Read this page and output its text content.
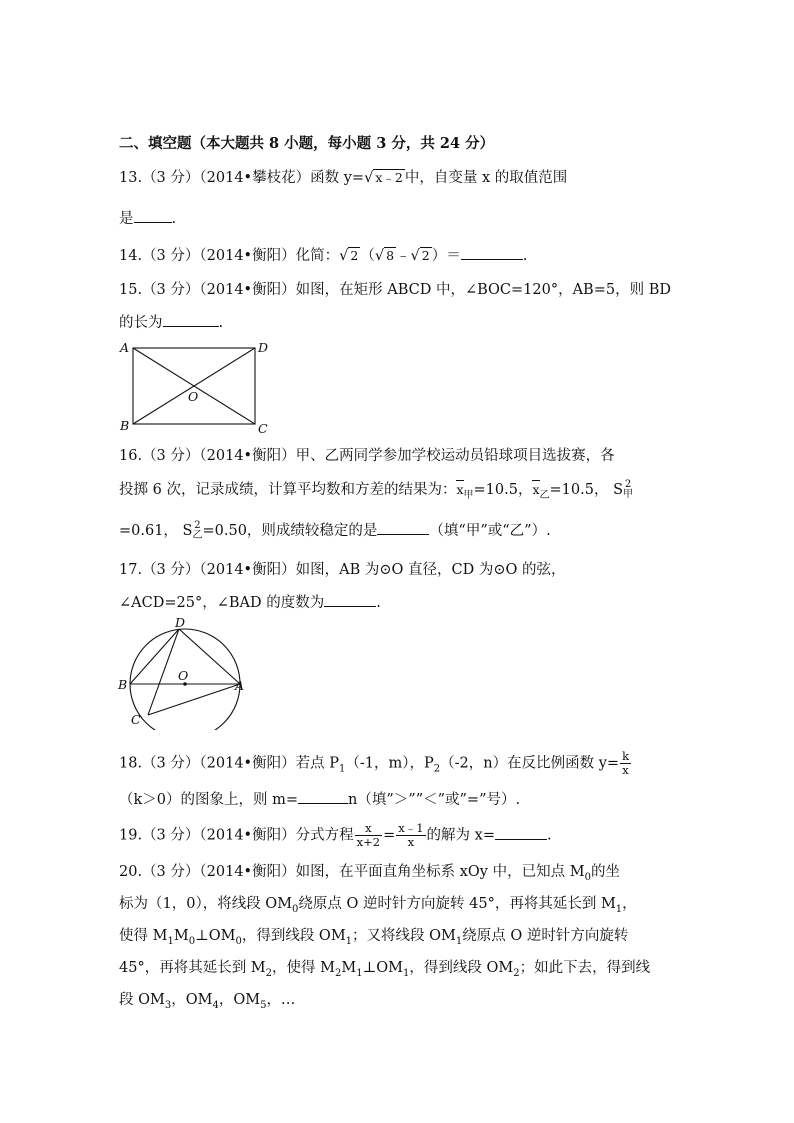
二、填空题（本大题共 8 小题，每小题 3 分，共 24 分）
13.（3 分）（2014•攀枝花）函数 y=√ x﹣2 中，自变量 x 的取值范围
是	.
14.（3 分）（2014•衡阳）化简：√ 2 （√ 8 ﹣√ 2 ）＝	.
15.（3 分）（2014•衡阳）如图，在矩形 ABCD 中，∠BOC=120°，AB=5，则 BD
的长为	.
A	D
B	C
O
16.（3 分）（2014•衡阳）甲、乙两同学参加学校运动员铅球项目选拔赛，各
投掷 6 次，记录成绩，计算平均数和方差的结果为：$x_甲=10.5$，$x_乙=10.5$， S 2
甲
=0.61， S 2
乙 =0.50，则成绩较稳定的是	（填“甲”或“乙”）.
17.（3 分）（2014•衡阳）如图，AB 为⊙O 直径，CD 为⊙O 的弦，
∠ACD=25°，∠BAD 的度数为	.
D
B	A
C
O
18.（3 分）（2014•衡阳）若点 $P_1(-1$，m），$P_2(-2$，n）在反比例函数 $y= \frac{k}{x}$
（k＞0）的图象上，则 m=	n（填”＞””＜”或”=”号）.
19.（3 分）（2014•衡阳）分式方程 $\frac{x}{x+2} = \frac{x﹣1}{x}$ 的解为 x=	.
20.（3 分）（2014•衡阳）如图，在平面直角坐标系 xOy 中，已知点 $M_0$的坐
标为（1，0），将线段 $OM_0$绕原点 O 逆时针方向旋转 45°，再将其延长到 $M_1$，
使得 $M_1M_0\perp OM_0$，得到线段 $OM_1$；又将线段 $OM_1$绕原点 O 逆时针方向旋转
45°，再将其延长到 $M_2$，使得 $M_2M_1\perp OM_1$，得到线段 $OM_2$；如此下去，得到线
段 $OM_3$，$OM_4$，$OM_5$，…
